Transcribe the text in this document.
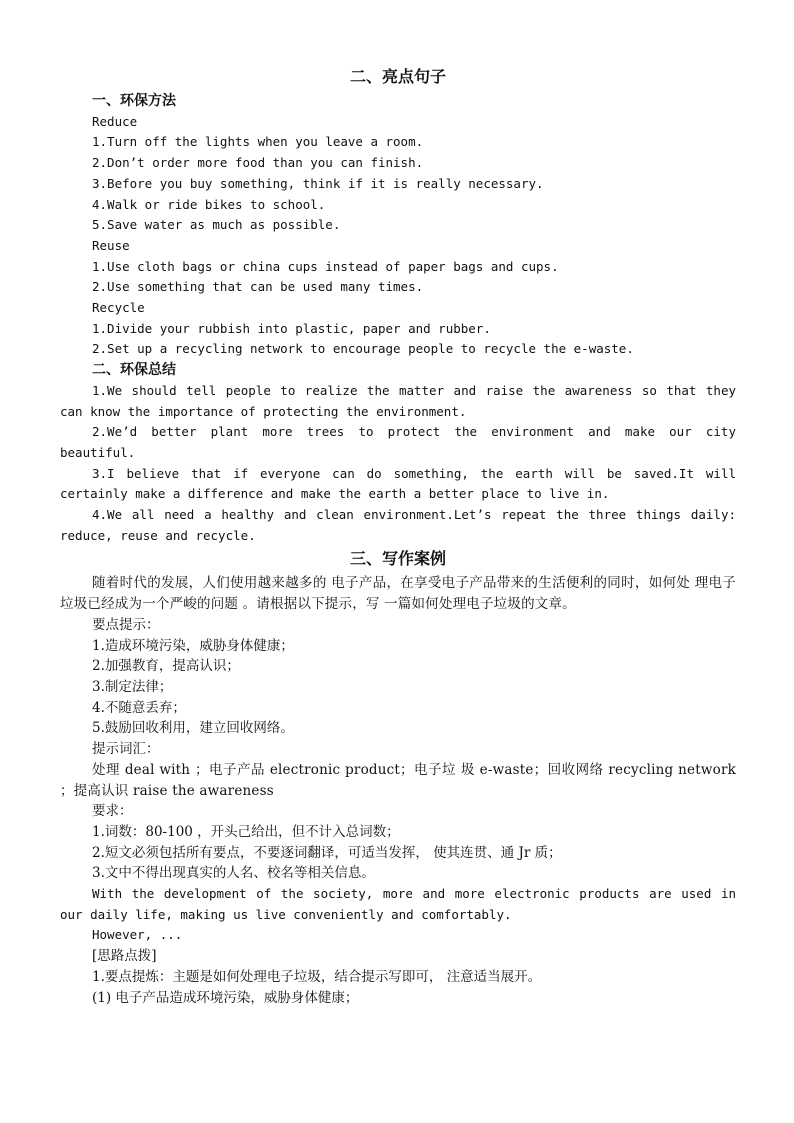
二、亮点句子
一、环保方法
Reduce
1.Turn off the lights when you leave a room.
2.Don’t order more food than you can finish.
3.Before you buy something, think if it is really necessary.
4.Walk or ride bikes to school.
5.Save water as much as possible.
Reuse
1.Use cloth bags or china cups instead of paper bags and cups.
2.Use something that can be used many times.
Recycle
1.Divide your rubbish into plastic, paper and rubber.
2.Set up a recycling network to encourage people to recycle the e-waste.
二、环保总结
1.We should tell people to realize the matter and raise the awareness so that they can know the importance of protecting the environment.
2.We’d better plant more trees to protect the environment and make our city beautiful.
3.I believe that if everyone can do something, the earth will be saved.It will certainly make a difference and make the earth a better place to live in.
4.We all need a healthy and clean environment.Let’s repeat the three things daily: reduce, reuse and recycle.
三、写作案例
随着时代的发展，人们使用越来越多的 电子产品，在享受电子产品带来的生活便利的同时，如何处 理电子垃圾已经成为一个严峻的问题 。请根据以下提示，写 一篇如何处理电子垃圾的文章。
要点提示：
1.造成环境污染，威胁身体健康；
2.加强教育，提高认识；
3.制定法律；
4.不随意丢弃；
5.鼓励回收利用，建立回收网络。
提示词汇：
处理 deal with ；电子产品 electronic product；电子垃 圾 e-waste；回收网络 recycling network ；提高认识 raise the awareness
要求：
1.词数：80-100 ，开头己给出，但不计入总词数；
2.短文必须包括所有要点，不要逐词翻译，可适当发挥， 使其连贯、通 Jr 质；
3.文中不得出现真实的人名、校名等相关信息。
With the development of the society, more and more electronic products are used in our daily life, making us live conveniently and comfortably.
However, ...
[思路点拨]
1.要点提炼：主题是如何处理电子垃圾，结合提示写即可， 注意适当展开。
(1) 电子产品造成环境污染，威胁身体健康；
